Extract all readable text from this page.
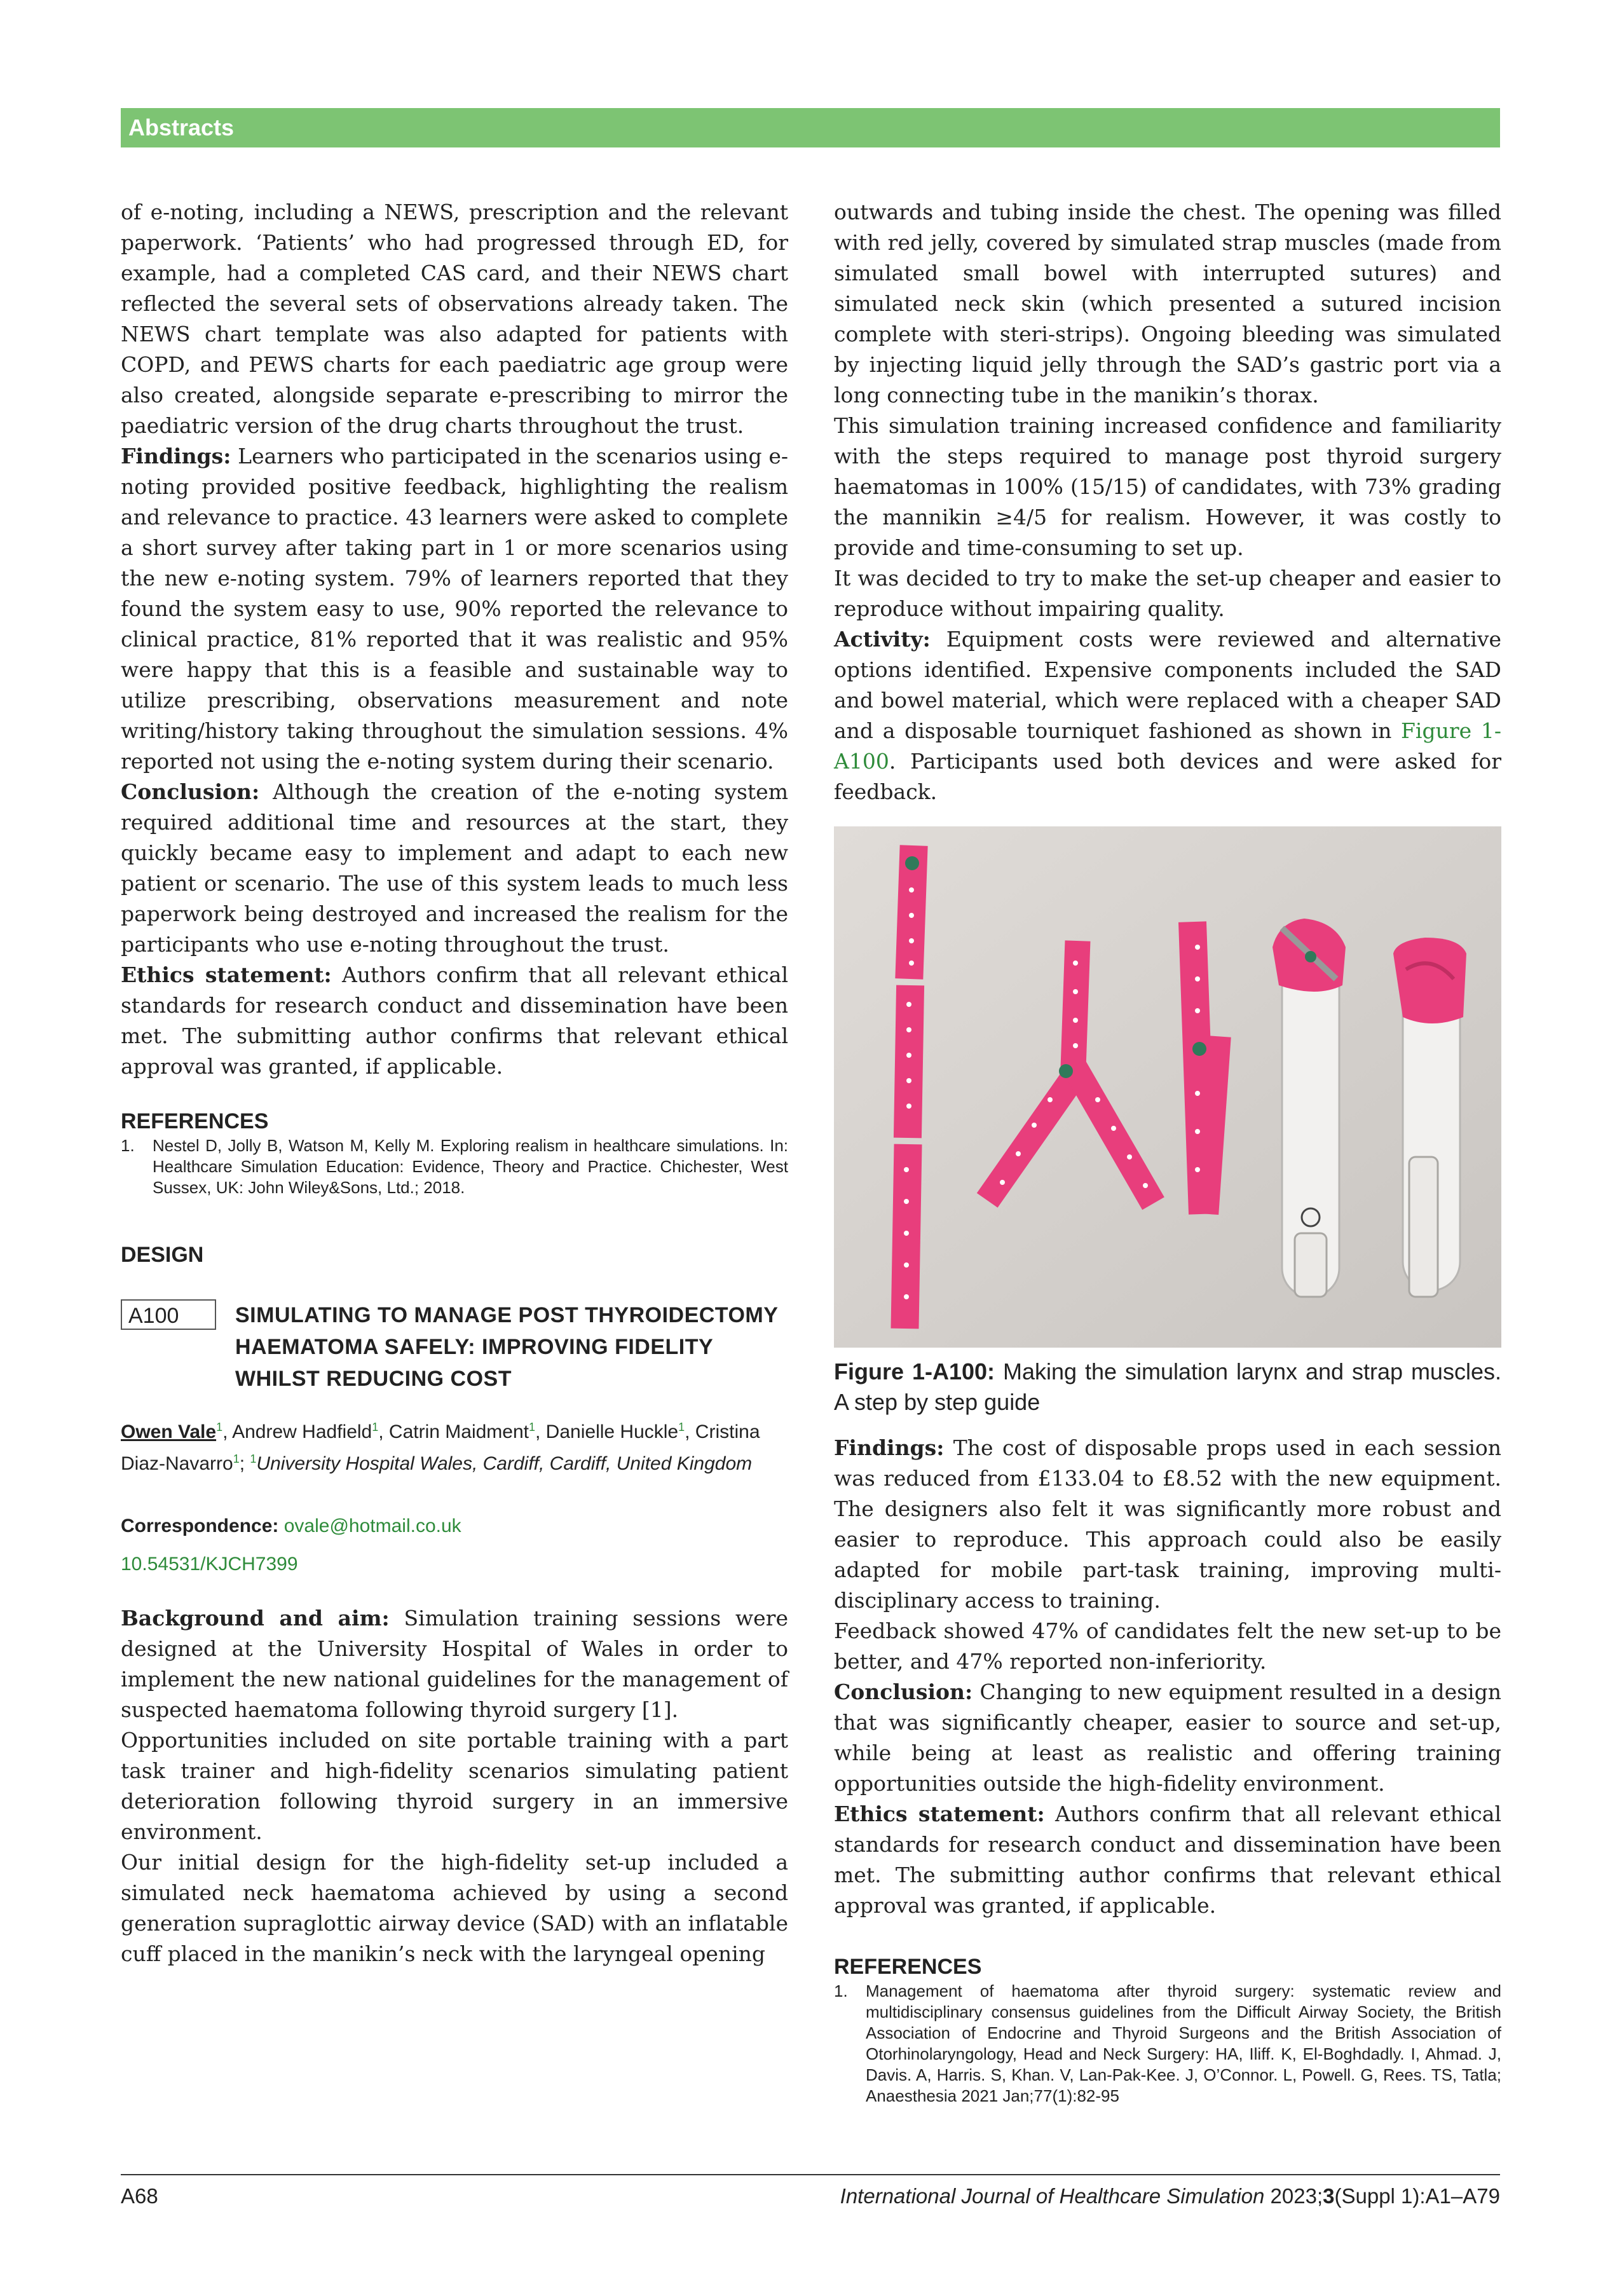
Abstracts

of e-noting, including a NEWS, prescription and the relevant paperwork. ‘Patients’ who had progressed through ED, for example, had a completed CAS card, and their NEWS chart reflected the several sets of observations already taken. The NEWS chart template was also adapted for patients with COPD, and PEWS charts for each paediatric age group were also created, alongside separate e-prescribing to mirror the paediatric version of the drug charts throughout the trust.

Findings: Learners who participated in the scenarios using e-noting provided positive feedback, highlighting the realism and relevance to practice. 43 learners were asked to complete a short survey after taking part in 1 or more scenarios using the new e-noting system. 79% of learners reported that they found the system easy to use, 90% reported the relevance to clinical practice, 81% reported that it was realistic and 95% were happy that this is a feasible and sustainable way to utilize prescribing, observations measurement and note writing/history taking throughout the simulation sessions. 4% reported not using the e-noting system during their scenario.

Conclusion: Although the creation of the e-noting system required additional time and resources at the start, they quickly became easy to implement and adapt to each new patient or scenario. The use of this system leads to much less paperwork being destroyed and increased the realism for the participants who use e-noting throughout the trust.

Ethics statement: Authors confirm that all relevant ethical standards for research conduct and dissemination have been met. The submitting author confirms that relevant ethical approval was granted, if applicable.

REFERENCES

1.	Nestel D, Jolly B, Watson M, Kelly M. Exploring realism in healthcare simulations. In: Healthcare Simulation Education: Evidence, Theory and Practice. Chichester, West Sussex, UK: John Wiley&Sons, Ltd.; 2018.

DESIGN

A100	SIMULATING TO MANAGE POST THYROIDECTOMY HAEMATOMA SAFELY: IMPROVING FIDELITY WHILST REDUCING COST

Owen Vale$^1$, Andrew Hadfield$^1$, Catrin Maidment$^1$, Danielle Huckle$^1$, Cristina Diaz-Navarro$^1$; $^1$University Hospital Wales, Cardiff, Cardiff, United Kingdom

Correspondence: ovale@hotmail.co.uk

10.54531/KJCH7399

Background and aim: Simulation training sessions were designed at the University Hospital of Wales in order to implement the new national guidelines for the management of suspected haematoma following thyroid surgery [1].

Opportunities included on site portable training with a part task trainer and high-fidelity scenarios simulating patient deterioration following thyroid surgery in an immersive environment.

Our initial design for the high-fidelity set-up included a simulated neck haematoma achieved by using a second generation supraglottic airway device (SAD) with an inflatable cuff placed in the manikin’s neck with the laryngeal opening

outwards and tubing inside the chest. The opening was filled with red jelly, covered by simulated strap muscles (made from simulated small bowel with interrupted sutures) and simulated neck skin (which presented a sutured incision complete with steri-strips). Ongoing bleeding was simulated by injecting liquid jelly through the SAD’s gastric port via a long connecting tube in the manikin’s thorax.

This simulation training increased confidence and familiarity with the steps required to manage post thyroid surgery haematomas in 100% (15/15) of candidates, with 73% grading the mannikin ≥4/5 for realism. However, it was costly to provide and time-consuming to set up.

It was decided to try to make the set-up cheaper and easier to reproduce without impairing quality.

Activity: Equipment costs were reviewed and alternative options identified. Expensive components included the SAD and bowel material, which were replaced with a cheaper SAD and a disposable tourniquet fashioned as shown in Figure 1-A100. Participants used both devices and were asked for feedback.

Figure 1-A100: Making the simulation larynx and strap muscles. A step by step guide

Findings: The cost of disposable props used in each session was reduced from £133.04 to £8.52 with the new equipment. The designers also felt it was significantly more robust and easier to reproduce. This approach could also be easily adapted for mobile part-task training, improving multi-disciplinary access to training.

Feedback showed 47% of candidates felt the new set-up to be better, and 47% reported non-inferiority.

Conclusion: Changing to new equipment resulted in a design that was significantly cheaper, easier to source and set-up, while being at least as realistic and offering training opportunities outside the high-fidelity environment.

Ethics statement: Authors confirm that all relevant ethical standards for research conduct and dissemination have been met. The submitting author confirms that relevant ethical approval was granted, if applicable.

REFERENCES

1.	Management of haematoma after thyroid surgery: systematic review and multidisciplinary consensus guidelines from the Difficult Airway Society, the British Association of Endocrine and Thyroid Surgeons and the British Association of Otorhinolaryngology, Head and Neck Surgery: HA, Iliff. K, El-Boghdadly. I, Ahmad. J, Davis. A, Harris. S, Khan. V, Lan-Pak-Kee. J, O’Connor. L, Powell. G, Rees. TS, Tatla; Anaesthesia 2021 Jan;77(1):82-95
A68	International Journal of Healthcare Simulation 2023;3(Suppl 1):A1–A79
